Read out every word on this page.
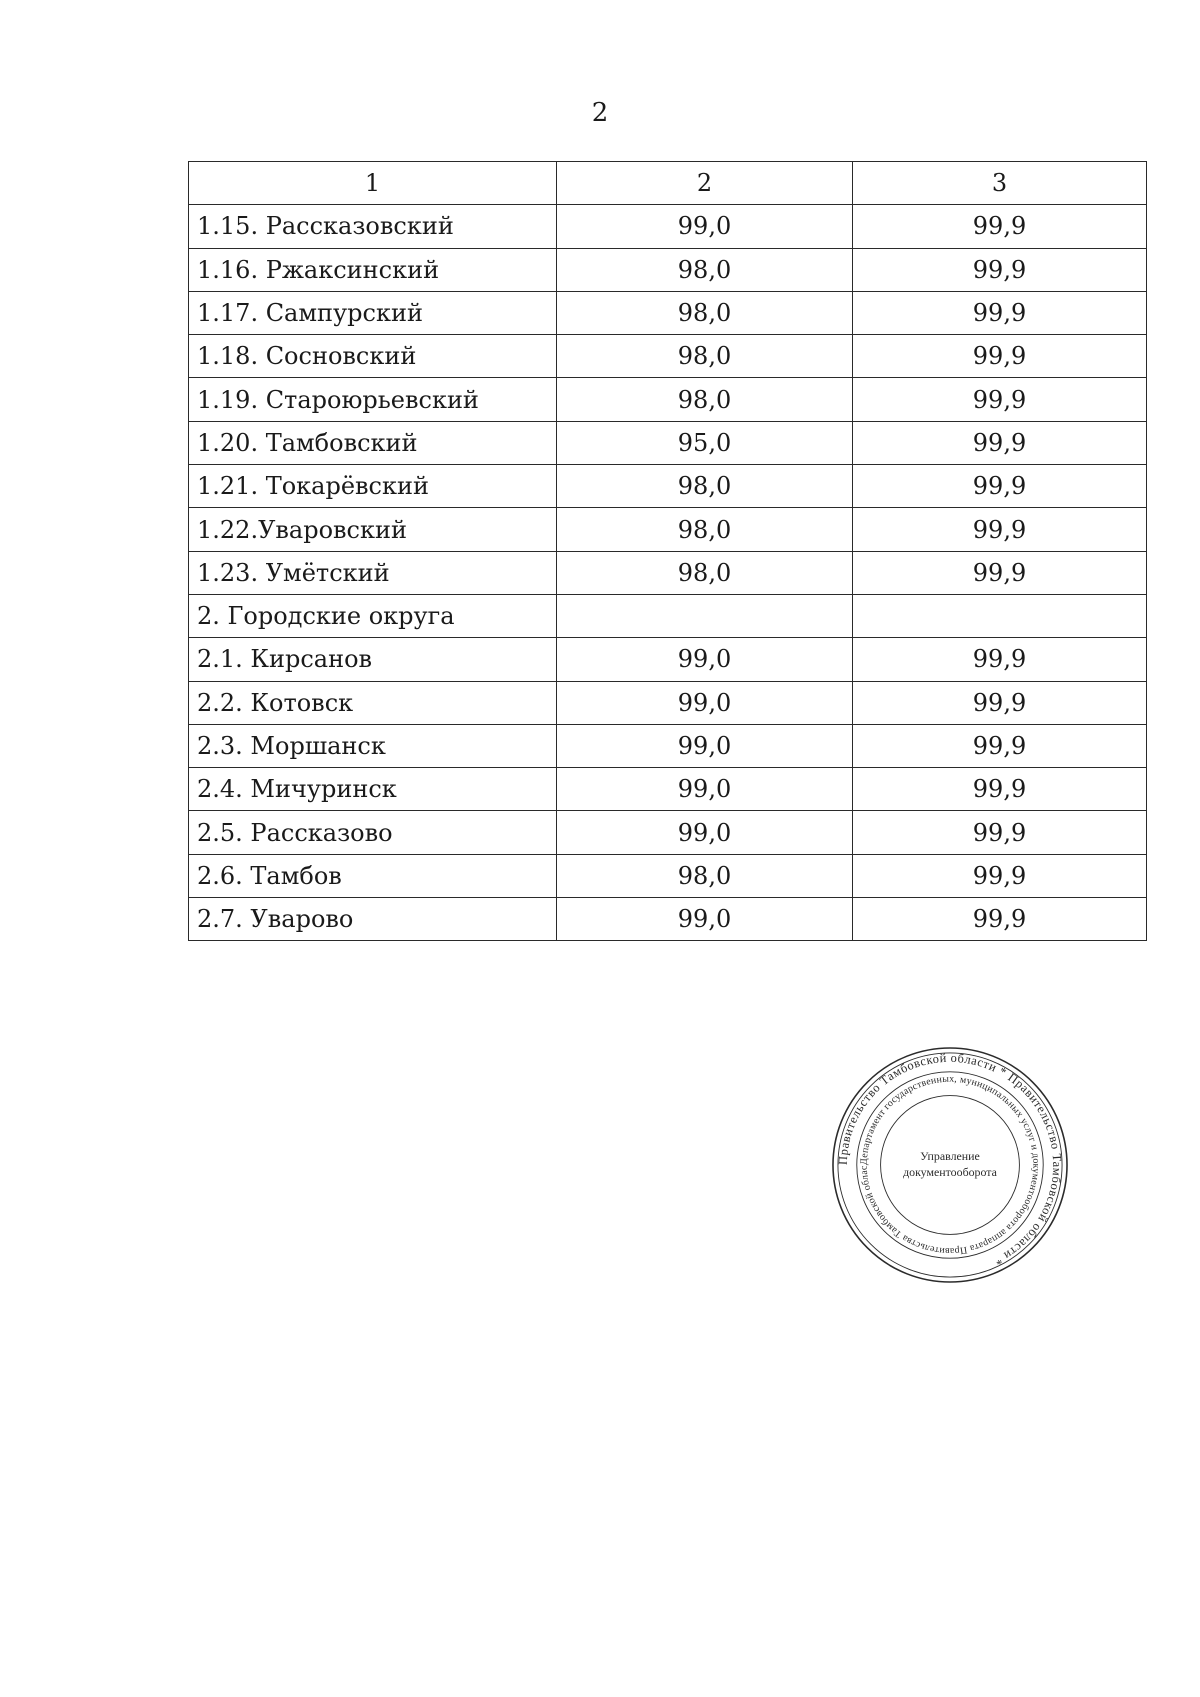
2
1	2	3
1.15. Рассказовский	99,0	99,9
1.16. Ржаксинский	98,0	99,9
1.17. Сампурский	98,0	99,9
1.18. Сосновский	98,0	99,9
1.19. Староюрьевский	98,0	99,9
1.20. Тамбовский	95,0	99,9
1.21. Токарёвский	98,0	99,9
1.22.Уваровский	98,0	99,9
1.23. Умётский	98,0	99,9
2. Городские округа		
2.1. Кирсанов	99,0	99,9
2.2. Котовск	99,0	99,9
2.3. Моршанск	99,0	99,9
2.4. Мичуринск	99,0	99,9
2.5. Рассказово	99,0	99,9
2.6. Тамбов	98,0	99,9
2.7. Уварово	99,0	99,9
Правительство Тамбовской области * Правительство Тамбовской области *
Департамент государственных, муниципальных услуг и документооборота аппарата Правительства Тамбовской облас
Управление
документооборота
